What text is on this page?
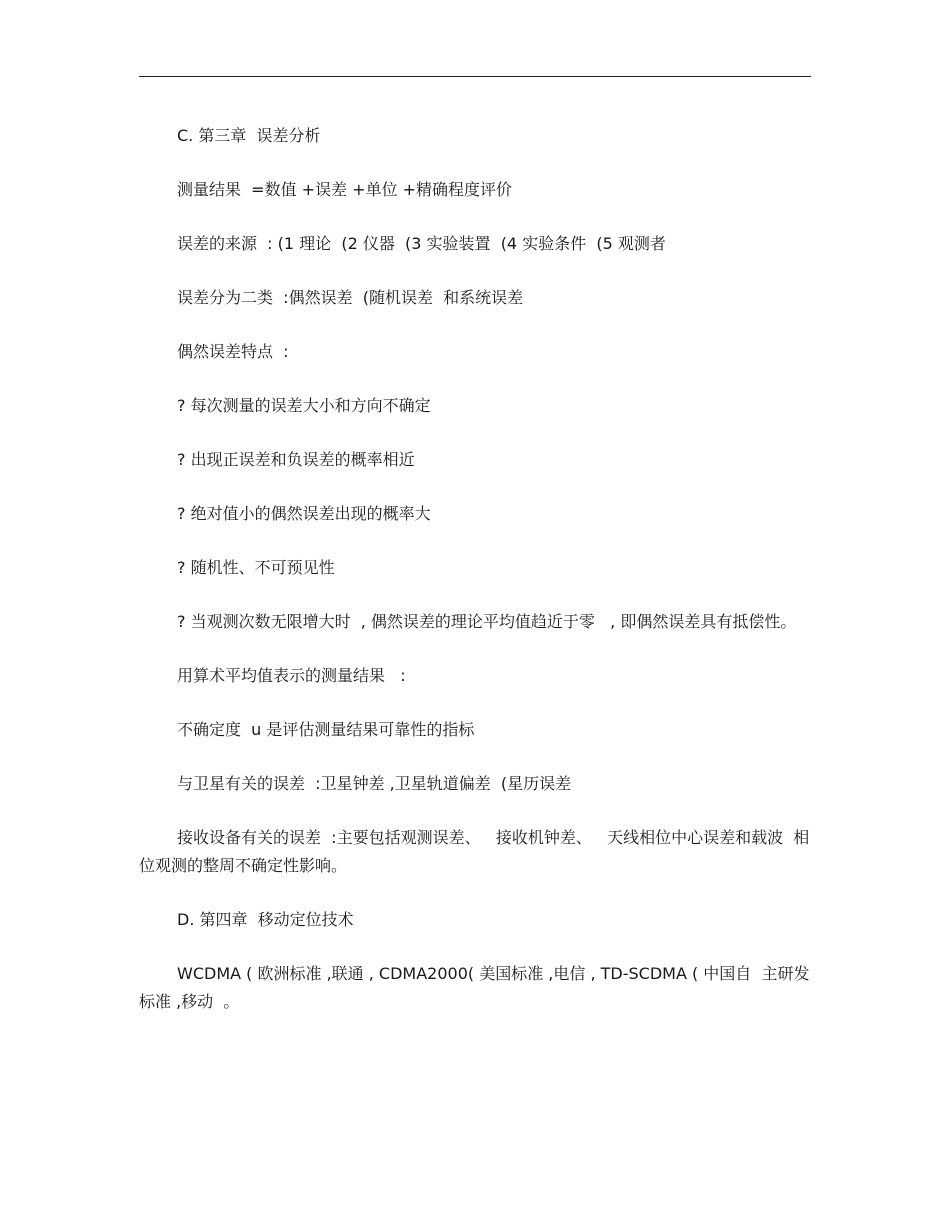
C. 第三章  误差分析

测量结果  =数值 +误差 +单位 +精确程度评价

误差的来源  : (1 理论  (2 仪器  (3 实验装置  (4 实验条件  (5 观测者

误差分为二类  :偶然误差  (随机误差  和系统误差

偶然误差特点  :

? 每次测量的误差大小和方向不确定

? 出现正误差和负误差的概率相近

? 绝对值小的偶然误差出现的概率大

? 随机性、不可预见性

? 当观测次数无限增大时  , 偶然误差的理论平均值趋近于零   , 即偶然误差具有抵偿性。

用算术平均值表示的测量结果   :

不确定度  u 是评估测量结果可靠性的指标

与卫星有关的误差  :卫星钟差 ,卫星轨道偏差  (星历误差

接收设备有关的误差  :主要包括观测误差、   接收机钟差、   天线相位中心误差和载波  相位观测的整周不确定性影响。

D. 第四章  移动定位技术

WCDMA ( 欧洲标准 ,联通 , CDMA2000( 美国标准 ,电信 , TD-SCDMA ( 中国自  主研发标准 ,移动  。
